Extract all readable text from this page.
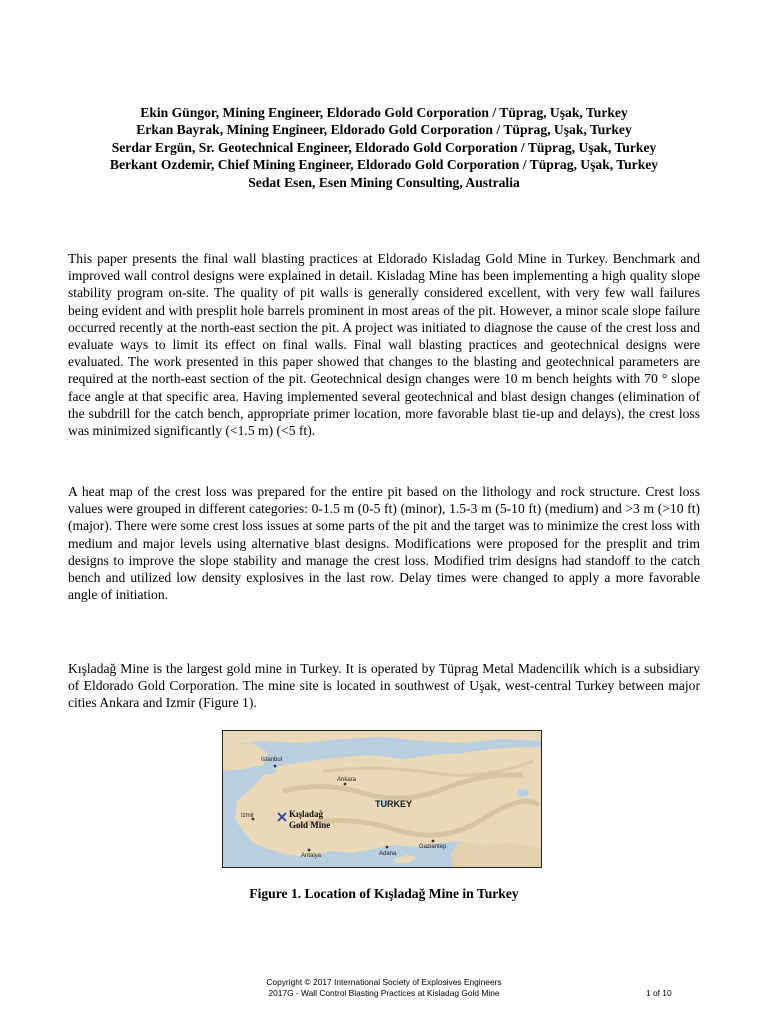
Ekin Güngor, Mining Engineer, Eldorado Gold Corporation / Tüprag, Uşak, Turkey
Erkan Bayrak, Mining Engineer, Eldorado Gold Corporation / Tüprag, Uşak, Turkey
Serdar Ergün, Sr. Geotechnical Engineer, Eldorado Gold Corporation / Tüprag, Uşak, Turkey
Berkant Ozdemir, Chief Mining Engineer, Eldorado Gold Corporation / Tüprag, Uşak, Turkey
Sedat Esen, Esen Mining Consulting, Australia

This paper presents the final wall blasting practices at Eldorado Kisladag Gold Mine in Turkey. Benchmark and improved wall control designs were explained in detail. Kisladag Mine has been implementing a high quality slope stability program on-site. The quality of pit walls is generally considered excellent, with very few wall failures being evident and with presplit hole barrels prominent in most areas of the pit. However, a minor scale slope failure occurred recently at the north-east section the pit. A project was initiated to diagnose the cause of the crest loss and evaluate ways to limit its effect on final walls. Final wall blasting practices and geotechnical designs were evaluated. The work presented in this paper showed that changes to the blasting and geotechnical parameters are required at the north-east section of the pit. Geotechnical design changes were 10 m bench heights with 70 ° slope face angle at that specific area. Having implemented several geotechnical and blast design changes (elimination of the subdrill for the catch bench, appropriate primer location, more favorable blast tie-up and delays), the crest loss was minimized significantly (<1.5 m) (<5 ft).

A heat map of the crest loss was prepared for the entire pit based on the lithology and rock structure. Crest loss values were grouped in different categories: 0-1.5 m (0-5 ft) (minor), 1.5-3 m (5-10 ft) (medium) and >3 m (>10 ft) (major). There were some crest loss issues at some parts of the pit and the target was to minimize the crest loss with medium and major levels using alternative blast designs. Modifications were proposed for the presplit and trim designs to improve the slope stability and manage the crest loss. Modified trim designs had standoff to the catch bench and utilized low density explosives in the last row. Delay times were changed to apply a more favorable angle of initiation.

Kışladağ Mine is the largest gold mine in Turkey. It is operated by Tüprag Metal Madencilik which is a subsidiary of Eldorado Gold Corporation. The mine site is located in southwest of Uşak, west-central Turkey between major cities Ankara and Izmir (Figure 1).

Istanbul
Ankara
TURKEY
Izmir	Kışladağ
Gold Mine
Antalya	Adana
Gaziantep
Figure 1. Location of Kışladağ Mine in Turkey
Copyright © 2017 International Society of Explosives Engineers
2017G - Wall Control Blasting Practices at Kisladag Gold Mine	1 of 10
